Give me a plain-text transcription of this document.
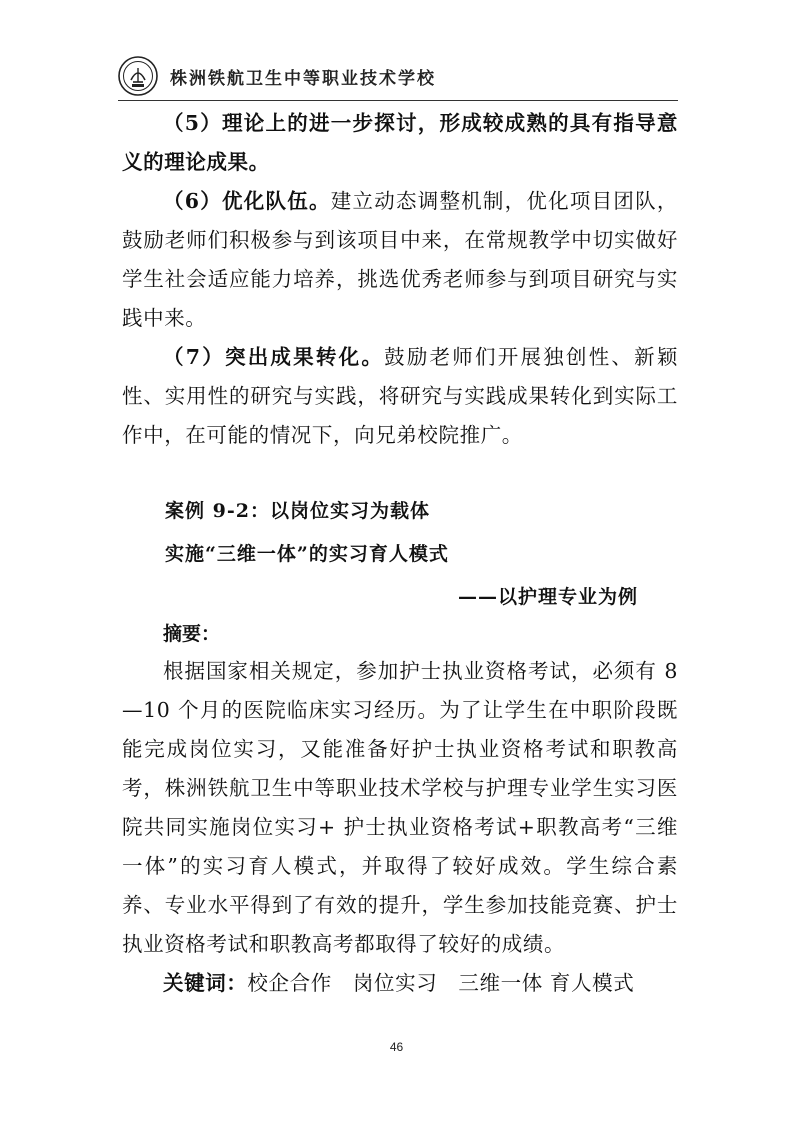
株洲铁航卫生中等职业技术学校

（5）理论上的进一步探讨，形成较成熟的具有指导意义的理论成果。

（6）优化队伍。建立动态调整机制，优化项目团队，鼓励老师们积极参与到该项目中来，在常规教学中切实做好学生社会适应能力培养，挑选优秀老师参与到项目研究与实践中来。

（7）突出成果转化。鼓励老师们开展独创性、新颖性、实用性的研究与实践，将研究与实践成果转化到实际工作中，在可能的情况下，向兄弟校院推广。

案例 9-2：以岗位实习为载体
实施“三维一体”的实习育人模式
——以护理专业为例
摘要：

根据国家相关规定，参加护士执业资格考试，必须有 8—10 个月的医院临床实习经历。为了让学生在中职阶段既能完成岗位实习，又能准备好护士执业资格考试和职教高考，株洲铁航卫生中等职业技术学校与护理专业学生实习医院共同实施岗位实习+ 护士执业资格考试+职教高考“三维一体”的实习育人模式，并取得了较好成效。学生综合素养、专业水平得到了有效的提升，学生参加技能竞赛、护士执业资格考试和职教高考都取得了较好的成绩。

关键词：校企合作　岗位实习　三维一体 育人模式

46
